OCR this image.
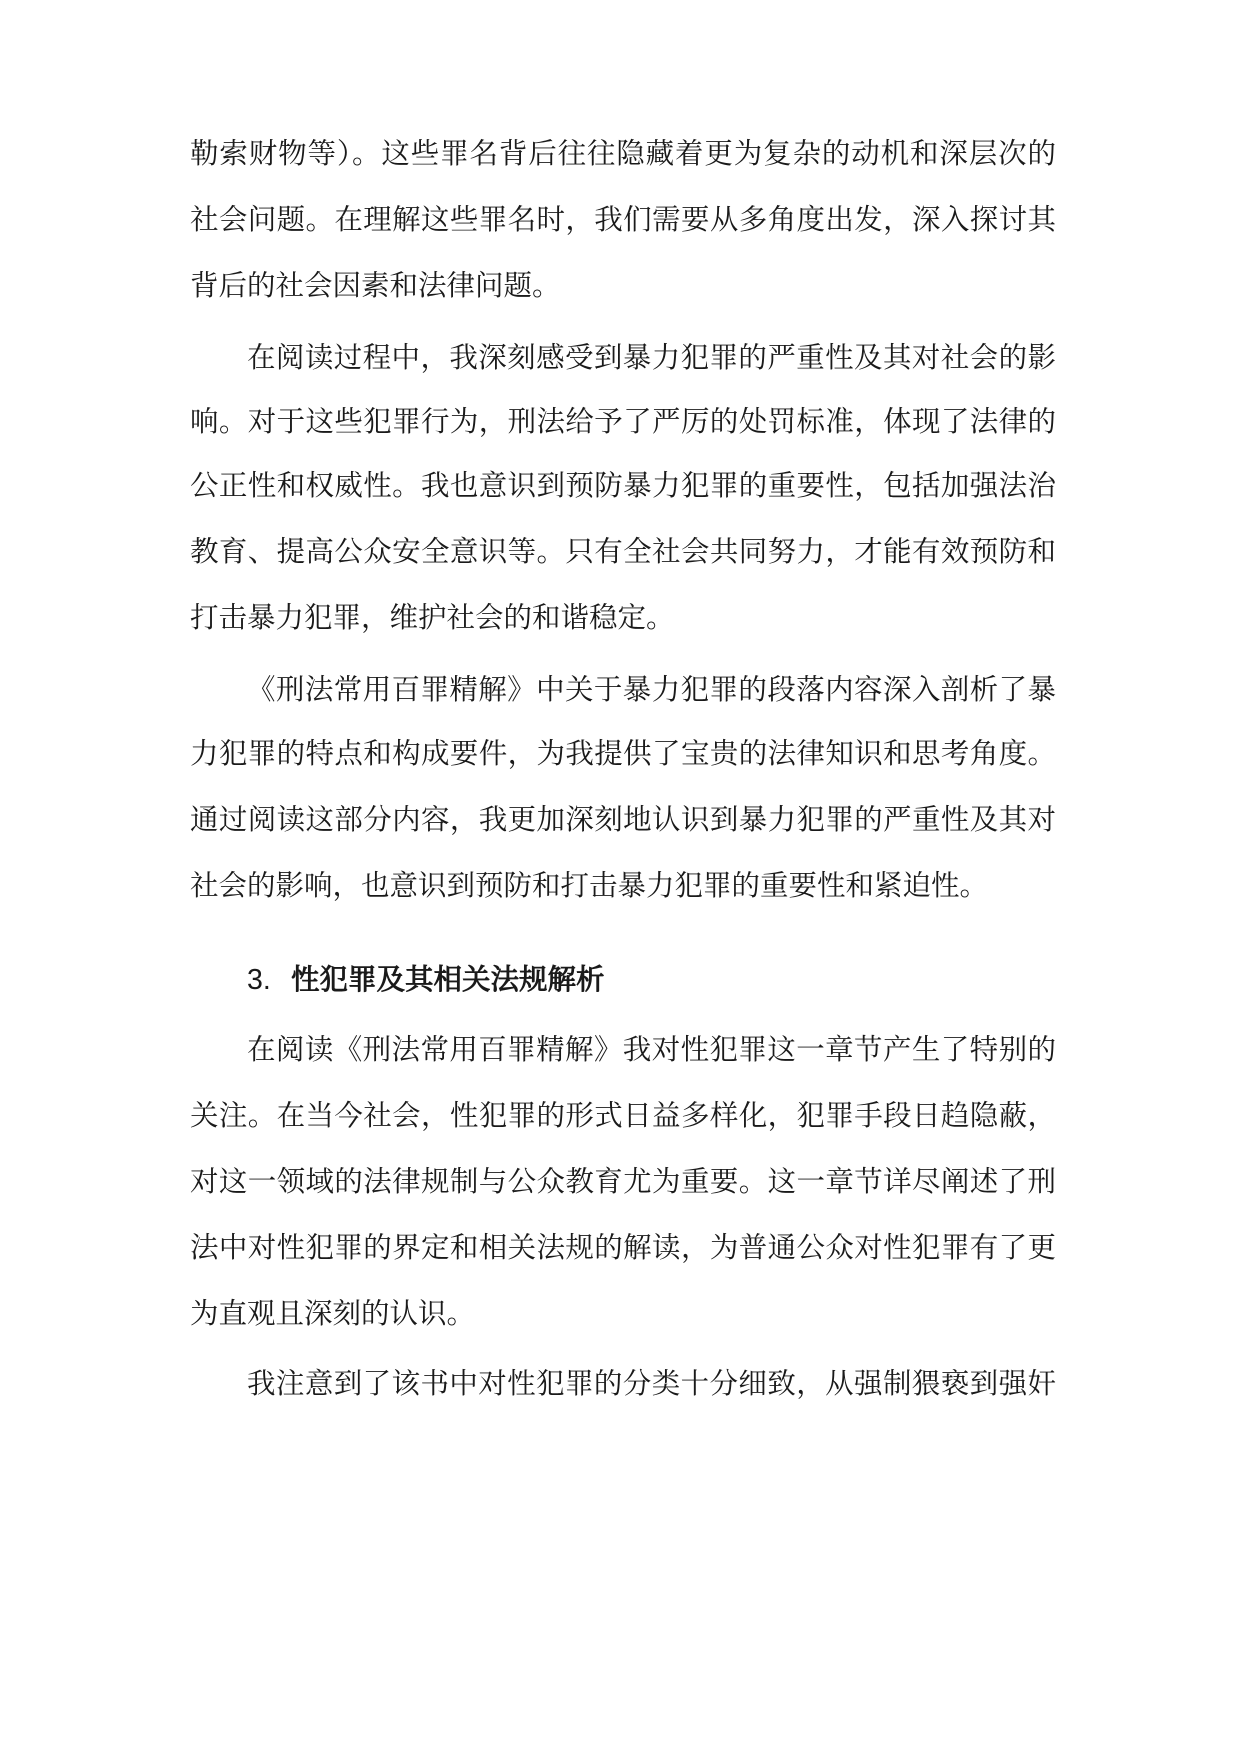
勒索财物等）。这些罪名背后往往隐藏着更为复杂的动机和深层次的
社会问题。在理解这些罪名时，我们需要从多角度出发，深入探讨其
背后的社会因素和法律问题。
在阅读过程中，我深刻感受到暴力犯罪的严重性及其对社会的影
响。对于这些犯罪行为，刑法给予了严厉的处罚标准，体现了法律的
公正性和权威性。我也意识到预防暴力犯罪的重要性，包括加强法治
教育、提高公众安全意识等。只有全社会共同努力，才能有效预防和
打击暴力犯罪，维护社会的和谐稳定。
《刑法常用百罪精解》中关于暴力犯罪的段落内容深入剖析了暴
力犯罪的特点和构成要件，为我提供了宝贵的法律知识和思考角度。
通过阅读这部分内容，我更加深刻地认识到暴力犯罪的严重性及其对
社会的影响，也意识到预防和打击暴力犯罪的重要性和紧迫性。
3. 性犯罪及其相关法规解析
在阅读《刑法常用百罪精解》我对性犯罪这一章节产生了特别的
关注。在当今社会，性犯罪的形式日益多样化，犯罪手段日趋隐蔽，
对这一领域的法律规制与公众教育尤为重要。这一章节详尽阐述了刑
法中对性犯罪的界定和相关法规的解读，为普通公众对性犯罪有了更
为直观且深刻的认识。
我注意到了该书中对性犯罪的分类十分细致，从强制猥亵到强奸
